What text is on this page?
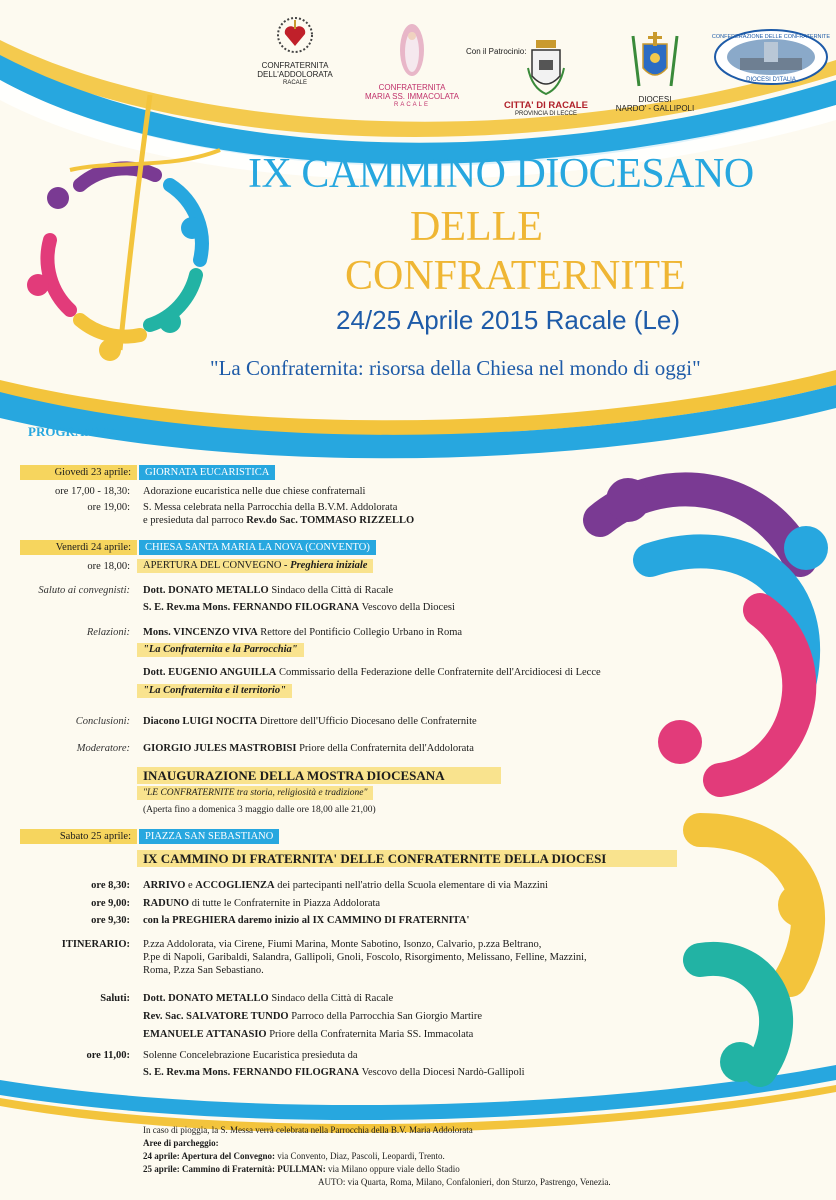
CONFRATERNITA
DELL'ADDOLORATA
RACALE	CONFRATERNITA
MARIA SS. IMMACOLATA
RACALE
Con il Patrocinio:
CITTA' DI RACALE
PROVINCIA DI LECCE
DIOCESI
NARDO' - GALLIPOLI
CONFEDERAZIONE DELLE CONFRATERNITE
DIOCESI D'ITALIA
IX CAMMINO DIOCESANO
DELLE
CONFRATERNITE
24/25 Aprile 2015 Racale (Le)
"La Confraternita: risorsa della Chiesa nel mondo di oggi"
PROGRAMMA
Giovedì 23 aprile:	GIORNATA EUCARISTICA
ore 17,00 - 18,30: Adorazione eucaristica nelle due chiese confraternali
ore 19,00: S. Messa celebrata nella Parrocchia della B.V.M. Addolorata
e presieduta dal parroco Rev.do Sac. TOMMASO RIZZELLO
Venerdì 24 aprile:	CHIESA SANTA MARIA LA NOVA (CONVENTO)
ore 18,00:	APERTURA DEL CONVEGNO - Preghiera iniziale
Saluto ai convegnisti: Dott. DONATO METALLO Sindaco della Città di Racale
S. E. Rev.ma Mons. FERNANDO FILOGRANA Vescovo della Diocesi
Relazioni: Mons. VINCENZO VIVA Rettore del Pontificio Collegio Urbano in Roma
"La Confraternita e la Parrocchia"
Dott. EUGENIO ANGUILLA Commissario della Federazione delle Confraternite dell'Arcidiocesi di Lecce
"La Confraternita e il territorio"
Conclusioni: Diacono LUIGI NOCITA Direttore dell'Ufficio Diocesano delle Confraternite
Moderatore: GIORGIO JULES MASTROBISI Priore della Confraternita dell'Addolorata
INAUGURAZIONE DELLA MOSTRA DIOCESANA
"LE CONFRATERNITE tra storia, religiosità e tradizione"
(Aperta fino a domenica 3 maggio dalle ore 18,00 alle 21,00)
Sabato 25 aprile:	PIAZZA SAN SEBASTIANO
IX CAMMINO DI FRATERNITA' DELLE CONFRATERNITE DELLA DIOCESI
ore 8,30: ARRIVO e ACCOGLIENZA dei partecipanti nell'atrio della Scuola elementare di via Mazzini
ore 9,00: RADUNO di tutte le Confraternite in Piazza Addolorata
ore 9,30: con la PREGHIERA daremo inizio al IX CAMMINO DI FRATERNITA'
ITINERARIO: P.zza Addolorata, via Cirene, Fiumi Marina, Monte Sabotino, Isonzo, Calvario, p.zza Beltrano,
P.pe di Napoli, Garibaldi, Salandra, Gallipoli, Gnoli, Foscolo, Risorgimento, Melissano, Felline, Mazzini,
Roma, P.zza San Sebastiano.
Saluti: Dott. DONATO METALLO Sindaco della Città di Racale
Rev. Sac. SALVATORE TUNDO Parroco della Parrocchia San Giorgio Martire
EMANUELE ATTANASIO Priore della Confraternita Maria SS. Immacolata
ore 11,00: Solenne Concelebrazione Eucaristica presieduta da
S. E. Rev.ma Mons. FERNANDO FILOGRANA Vescovo della Diocesi Nardò-Gallipoli
In caso di pioggia, la S. Messa verrà celebrata nella Parrocchia della B.V. Maria Addolorata
Aree di parcheggio:
24 aprile: Apertura del Convegno: via Convento, Diaz, Pascoli, Leopardi, Trento.
25 aprile: Cammino di Fraternità: PULLMAN: via Milano oppure viale dello Stadio
AUTO: via Quarta, Roma, Milano, Confalonieri, don Sturzo, Pastrengo, Venezia.
